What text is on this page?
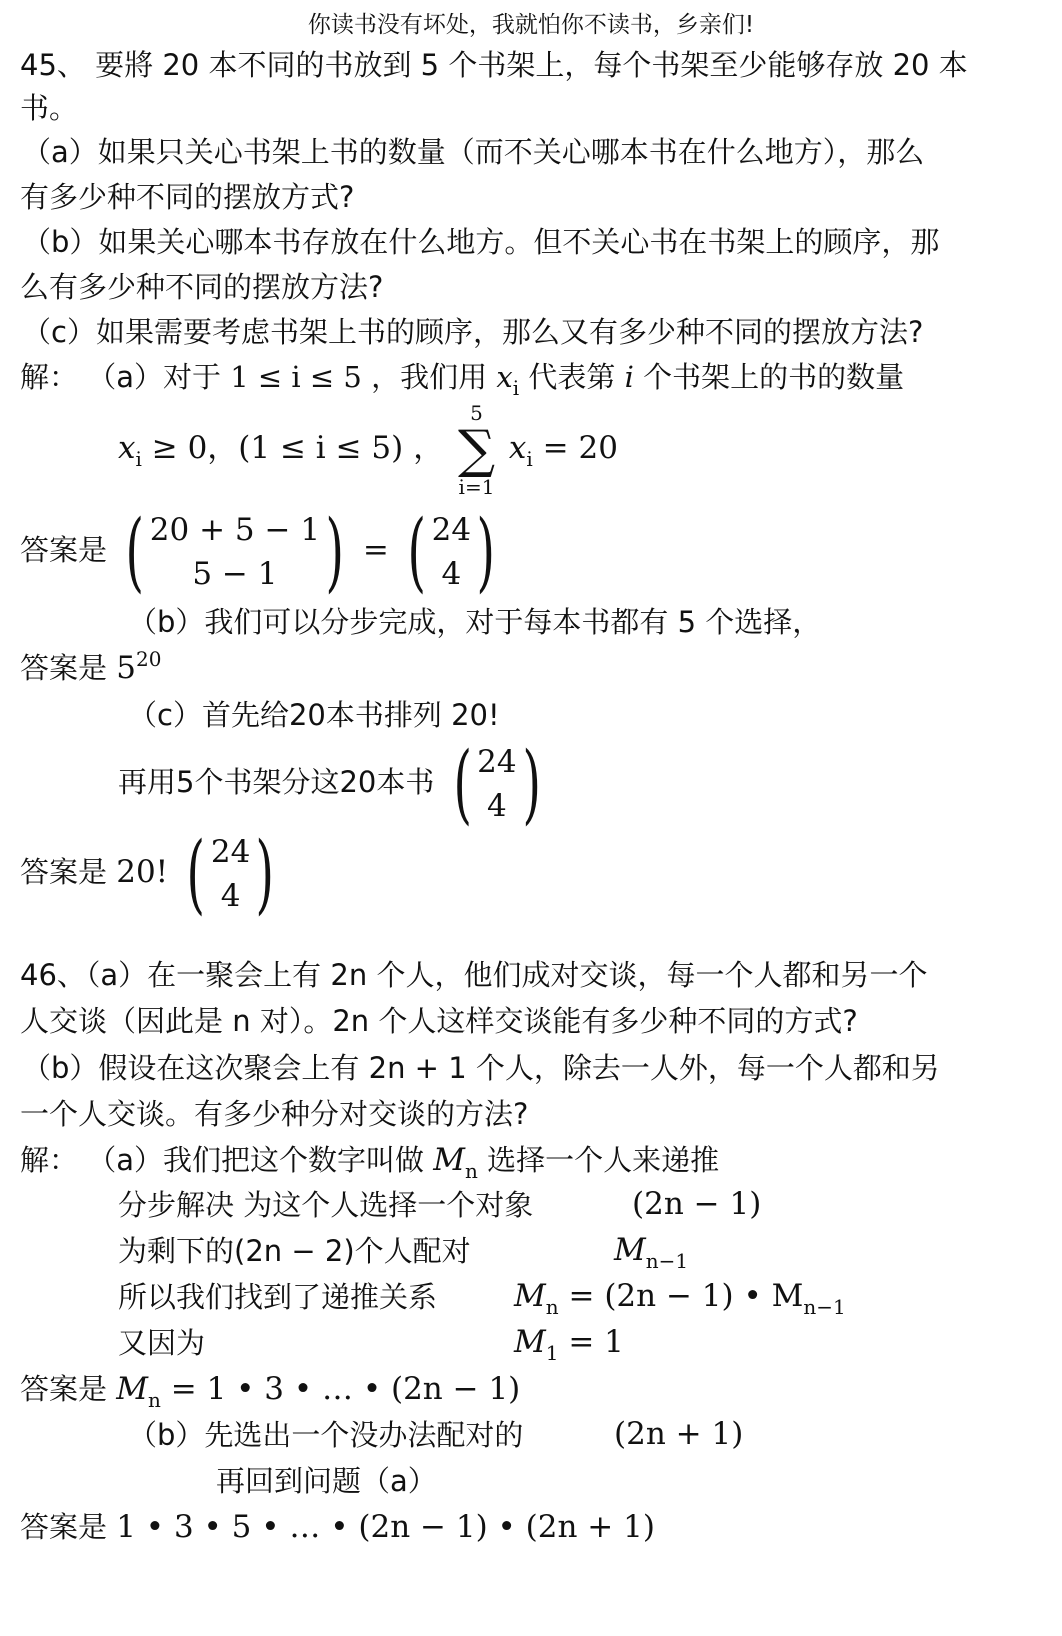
你读书没有坏处，我就怕你不读书，乡亲们!
45、 要將 20 本不同的书放到 5 个书架上，每个书架至少能够存放 20 本
书。
（a）如果只关心书架上书的数量（而不关心哪本书在什么地方），那么
有多少种不同的摆放方式?
（b）如果关心哪本书存放在什么地方。但不关心书在书架上的顾序，那
么有多少种不同的摆放方法?
（c）如果需要考虑书架上书的顾序，那么又有多少种不同的摆放方法?
解： （a）对于 1 ≤ i ≤ 5 ，我们用 $x_i$ 代表第 i 个书架上的书的数量
$x_i \ge 0$，(1 ≤ i ≤ 5) ，
5
∑
i=1
$x_i = 20$
答案是 ( 20 + 5 − 1
5 − 1 ) = ( 24
4 )
（b）我们可以分步完成，对于每本书都有 5 个选择，
答案是 $5^{20}$
（c）首先给20本书排列 20!
再用5个书架分这20本书 ( 24
4 )
答案是 20! ( 24
4 )
46、（a）在一聚会上有 2n 个人，他们成对交谈，每一个人都和另一个
人交谈（因此是 n 对）。2n 个人这样交谈能有多少种不同的方式?
（b）假设在这次聚会上有 2n + 1 个人，除去一人外，每一个人都和另
一个人交谈。有多少种分对交谈的方法?
解： （a）我们把这个数字叫做 $M_n$ 选择一个人来递推
分步解决 为这个人选择一个对象	(2n − 1)
为剩下的(2n − 2)个人配对	$M_{n-1}$
所以我们找到了递推关系 $M_n = (2n - 1)$ • $M_{n-1}$
又因为	$M_1 = 1$
答案是 $M_n = 1$ • 3 • … • (2n − 1)
（b）先选出一个没办法配对的	(2n + 1)
再回到问题（a）
答案是 1 • 3 • 5 • … • (2n − 1) • (2n + 1)
